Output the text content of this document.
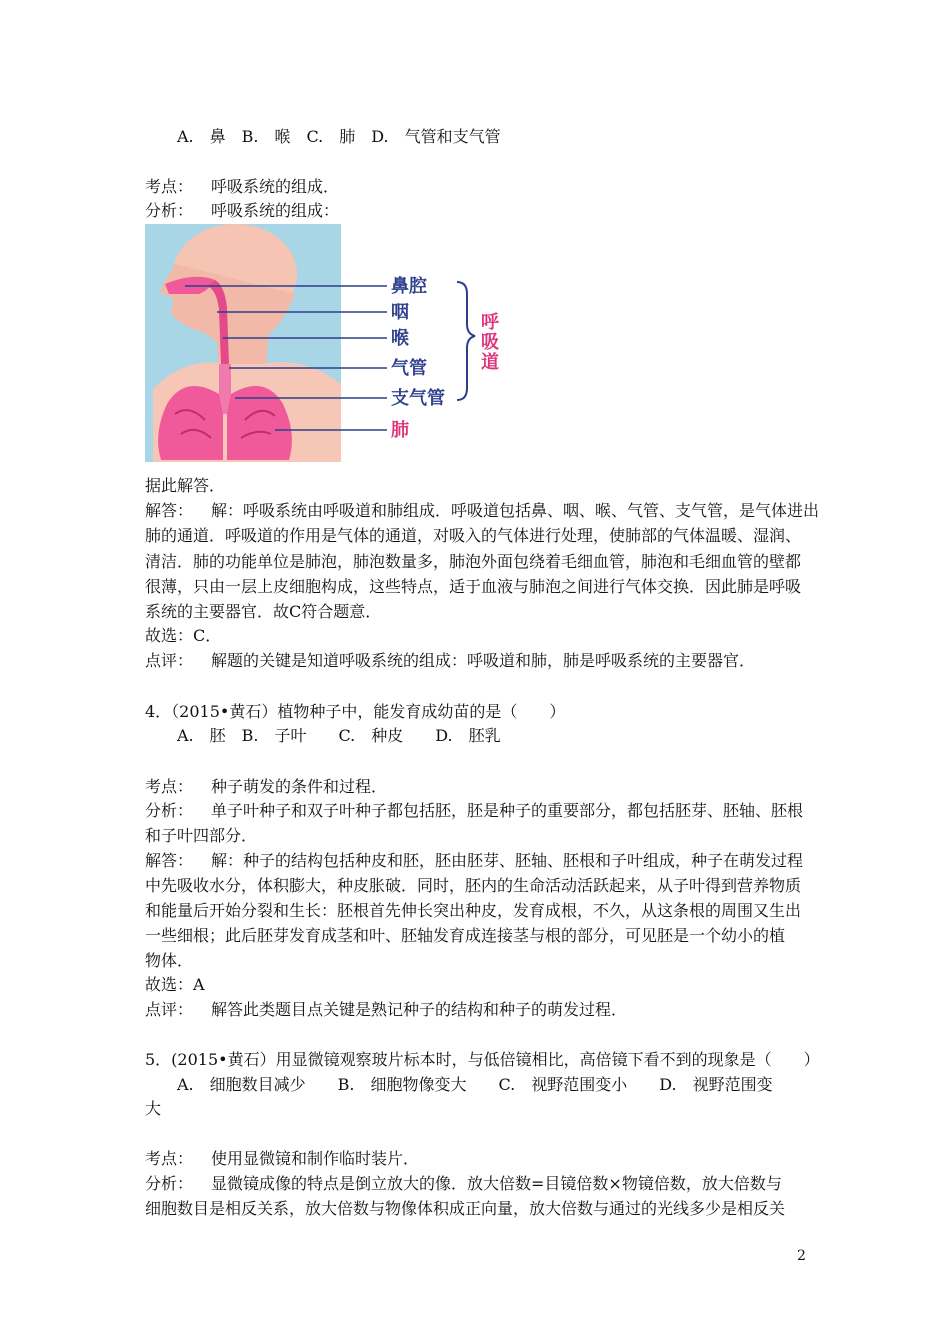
A.　鼻　B.　喉　C.　肺　D.　气管和支气管
考点： 呼吸系统的组成．
分析： 呼吸系统的组成：
鼻腔
咽
喉
气管
支气管
肺
呼
吸
道
据此解答．
解答： 解：呼吸系统由呼吸道和肺组成．呼吸道包括鼻、咽、喉、气管、支气管，是气体进出
肺的通道．呼吸道的作用是气体的通道，对吸入的气体进行处理，使肺部的气体温暖、湿润、
清洁．肺的功能单位是肺泡，肺泡数量多，肺泡外面包绕着毛细血管，肺泡和毛细血管的壁都
很薄，只由一层上皮细胞构成，这些特点，适于血液与肺泡之间进行气体交换．因此肺是呼吸
系统的主要器官．故C符合题意．
故选：C．
点评： 解题的关键是知道呼吸系统的组成：呼吸道和肺，肺是呼吸系统的主要器官．
4．（2015•黄石）植物种子中，能发育成幼苗的是（　　）
A.　胚　B.　子叶　　C.　种皮　　D.　胚乳
考点： 种子萌发的条件和过程．
分析： 单子叶种子和双子叶种子都包括胚，胚是种子的重要部分，都包括胚芽、胚轴、胚根
和子叶四部分．
解答： 解：种子的结构包括种皮和胚，胚由胚芽、胚轴、胚根和子叶组成，种子在萌发过程
中先吸收水分，体积膨大，种皮胀破．同时，胚内的生命活动活跃起来，从子叶得到营养物质
和能量后开始分裂和生长：胚根首先伸长突出种皮，发育成根，不久，从这条根的周围又生出
一些细根；此后胚芽发育成茎和叶、胚轴发育成连接茎与根的部分，可见胚是一个幼小的植
物体．
故选：A
点评： 解答此类题目点关键是熟记种子的结构和种子的萌发过程．
5．(2015•黄石）用显微镜观察玻片标本时，与低倍镜相比，高倍镜下看不到的现象是（　　）
A.　细胞数目减少　　B.　细胞物像变大　　C.　视野范围变小　　D.　视野范围变
大
考点： 使用显微镜和制作临时装片．
分析： 显微镜成像的特点是倒立放大的像．放大倍数=目镜倍数×物镜倍数，放大倍数与
细胞数目是相反关系，放大倍数与物像体积成正向量，放大倍数与通过的光线多少是相反关
2
